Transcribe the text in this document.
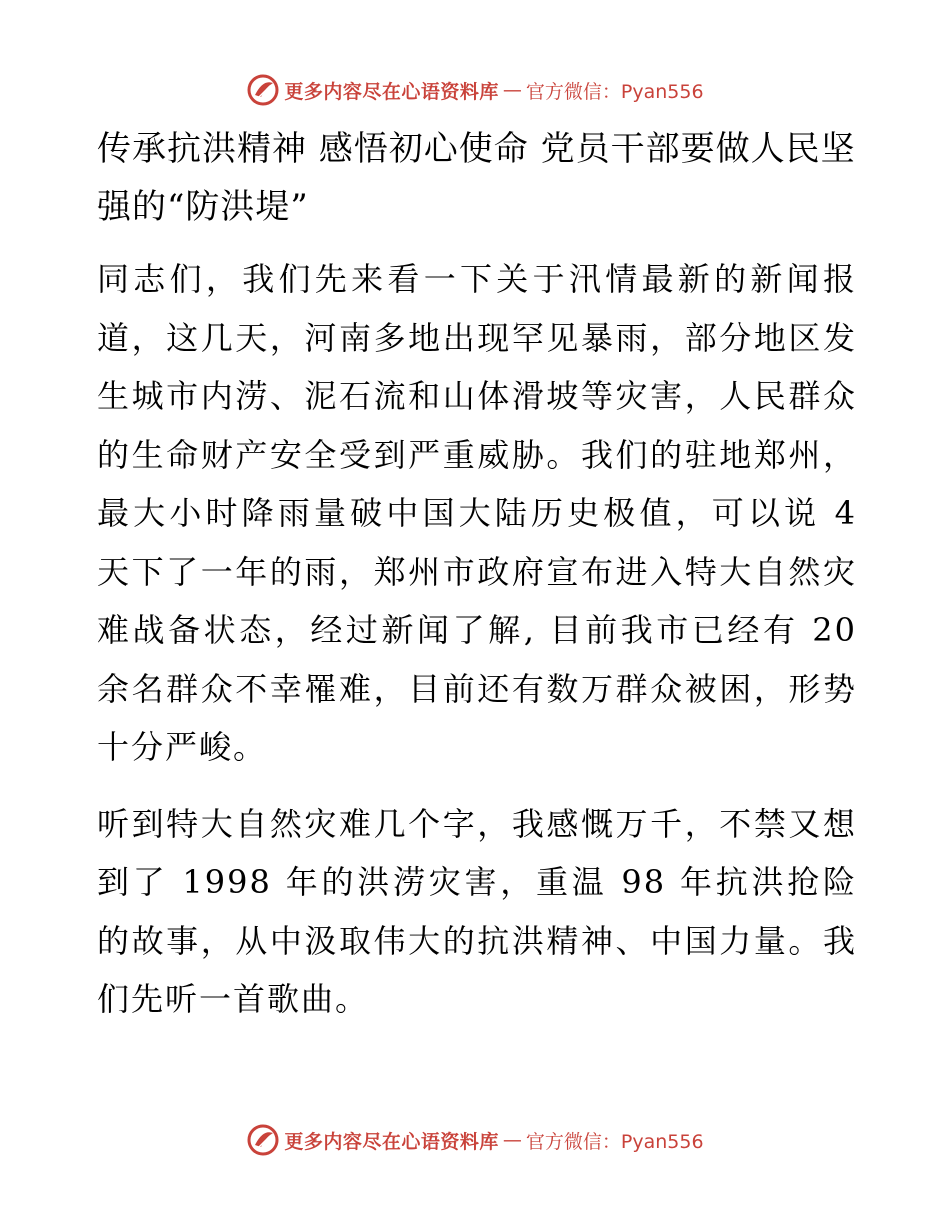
更多内容尽在心语资料库 — 官方微信：Pyan556
传承抗洪精神 感悟初心使命 党员干部要做人民坚强的“防洪堤”

同志们，我们先来看一下关于汛情最新的新闻报道，这几天，河南多地出现罕见暴雨，部分地区发生城市内涝、泥石流和山体滑坡等灾害，人民群众的生命财产安全受到严重威胁。我们的驻地郑州，最大小时降雨量破中国大陆历史极值，可以说 4 天下了一年的雨，郑州市政府宣布进入特大自然灾难战备状态，经过新闻了解, 目前我市已经有 20 余名群众不幸罹难，目前还有数万群众被困，形势十分严峻。

听到特大自然灾难几个字，我感慨万千，不禁又想到了 1998 年的洪涝灾害，重温 98 年抗洪抢险的故事，从中汲取伟大的抗洪精神、中国力量。我们先听一首歌曲。

更多内容尽在心语资料库 — 官方微信：Pyan556
